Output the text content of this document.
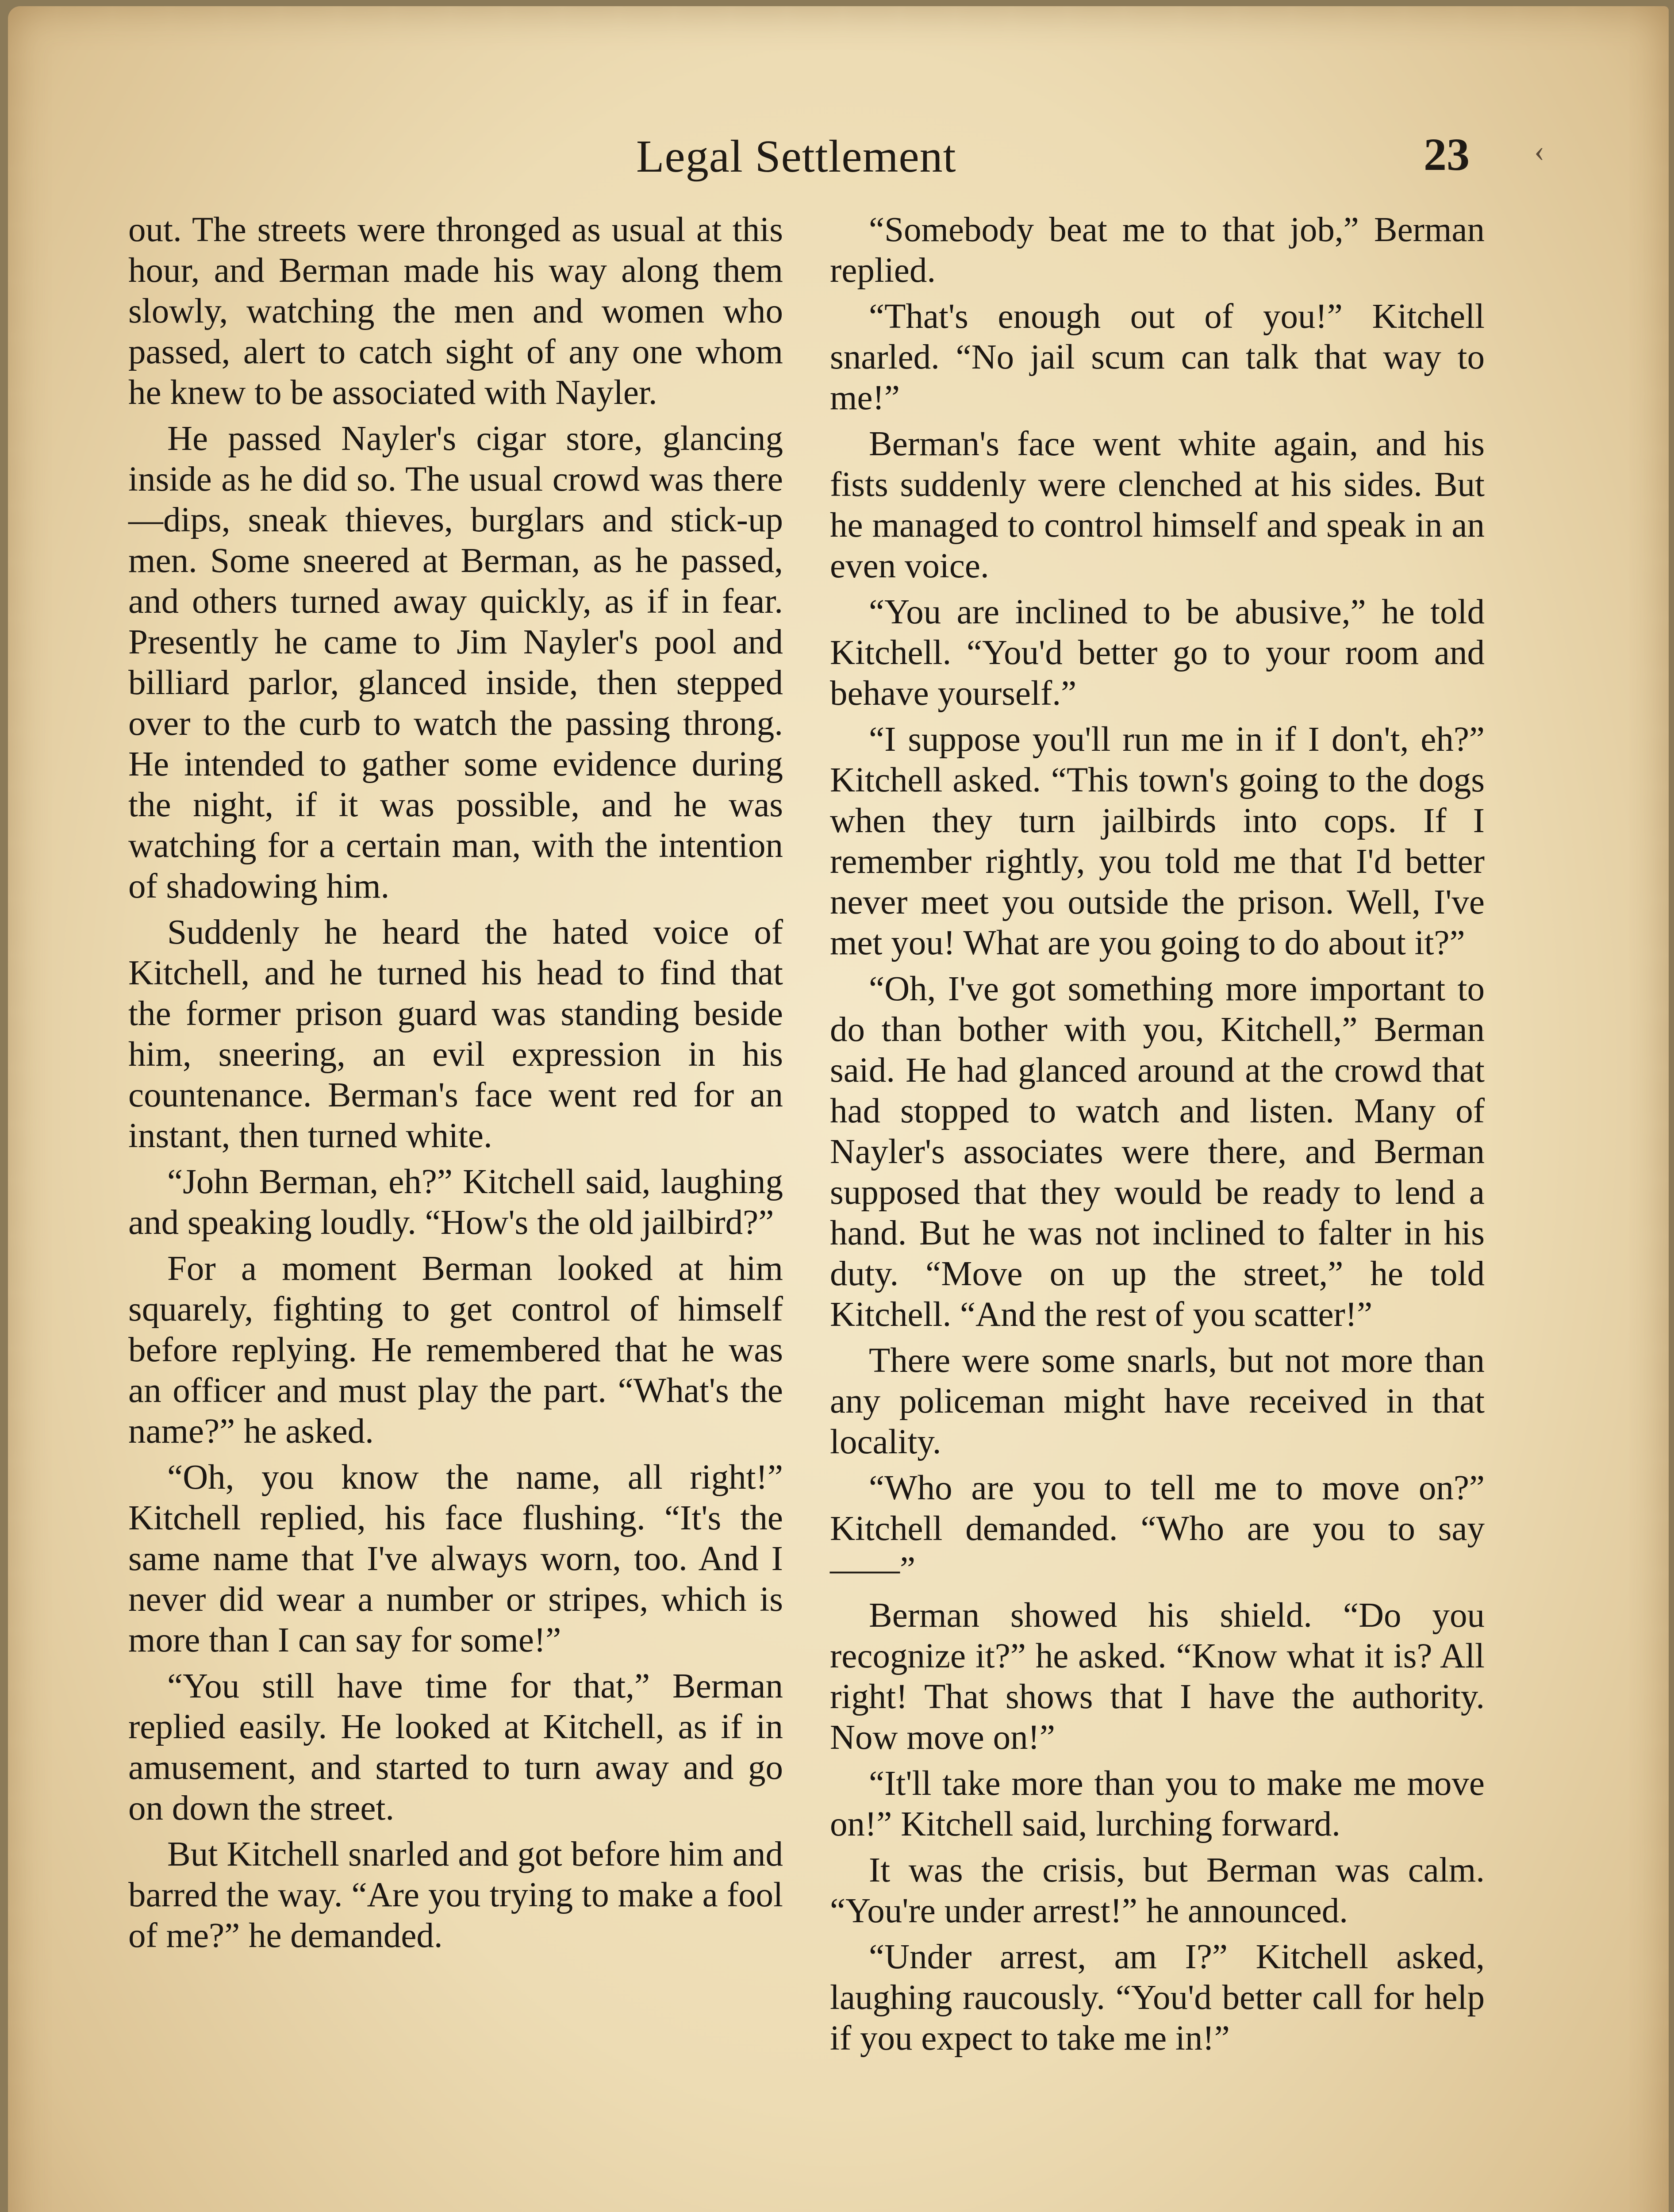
Legal Settlement	23 ‹

out. The streets were thronged as usual at this hour, and Berman made his way along them slowly, watching the men and women who passed, alert to catch sight of any one whom he knew to be associated with Nayler.

He passed Nayler's cigar store, glancing inside as he did so. The usual crowd was there—dips, sneak thieves, burglars and stick-up men. Some sneered at Berman, as he passed, and others turned away quickly, as if in fear. Presently he came to Jim Nayler's pool and billiard parlor, glanced inside, then stepped over to the curb to watch the passing throng. He intended to gather some evidence during the night, if it was possible, and he was watching for a certain man, with the intention of shadowing him.

Suddenly he heard the hated voice of Kitchell, and he turned his head to find that the former prison guard was standing beside him, sneering, an evil expression in his countenance. Berman's face went red for an instant, then turned white.

“John Berman, eh?” Kitchell said, laughing and speaking loudly. “How's the old jailbird?”

For a moment Berman looked at him squarely, fighting to get control of himself before replying. He remembered that he was an officer and must play the part. “What's the name?” he asked.

“Oh, you know the name, all right!” Kitchell replied, his face flushing. “It's the same name that I've always worn, too. And I never did wear a number or stripes, which is more than I can say for some!”

“You still have time for that,” Berman replied easily. He looked at Kitchell, as if in amusement, and started to turn away and go on down the street.

But Kitchell snarled and got before him and barred the way. “Are you trying to make a fool of me?” he demanded.

“Somebody beat me to that job,” Berman replied.

“That's enough out of you!” Kitchell snarled. “No jail scum can talk that way to me!”

Berman's face went white again, and his fists suddenly were clenched at his sides. But he managed to control himself and speak in an even voice.

“You are inclined to be abusive,” he told Kitchell. “You'd better go to your room and behave yourself.”

“I suppose you'll run me in if I don't, eh?” Kitchell asked. “This town's going to the dogs when they turn jailbirds into cops. If I remember rightly, you told me that I'd better never meet you outside the prison. Well, I've met you! What are you going to do about it?”

“Oh, I've got something more important to do than bother with you, Kitchell,” Berman said. He had glanced around at the crowd that had stopped to watch and listen. Many of Nayler's associates were there, and Berman supposed that they would be ready to lend a hand. But he was not inclined to falter in his duty. “Move on up the street,” he told Kitchell. “And the rest of you scatter!”

There were some snarls, but not more than any policeman might have received in that locality.

“Who are you to tell me to move on?” Kitchell demanded. “Who are you to say——”

Berman showed his shield. “Do you recognize it?” he asked. “Know what it is? All right! That shows that I have the authority. Now move on!”

“It'll take more than you to make me move on!” Kitchell said, lurching forward.

It was the crisis, but Berman was calm. “You're under arrest!” he announced.

“Under arrest, am I?” Kitchell asked, laughing raucously. “You'd better call for help if you expect to take me in!”
